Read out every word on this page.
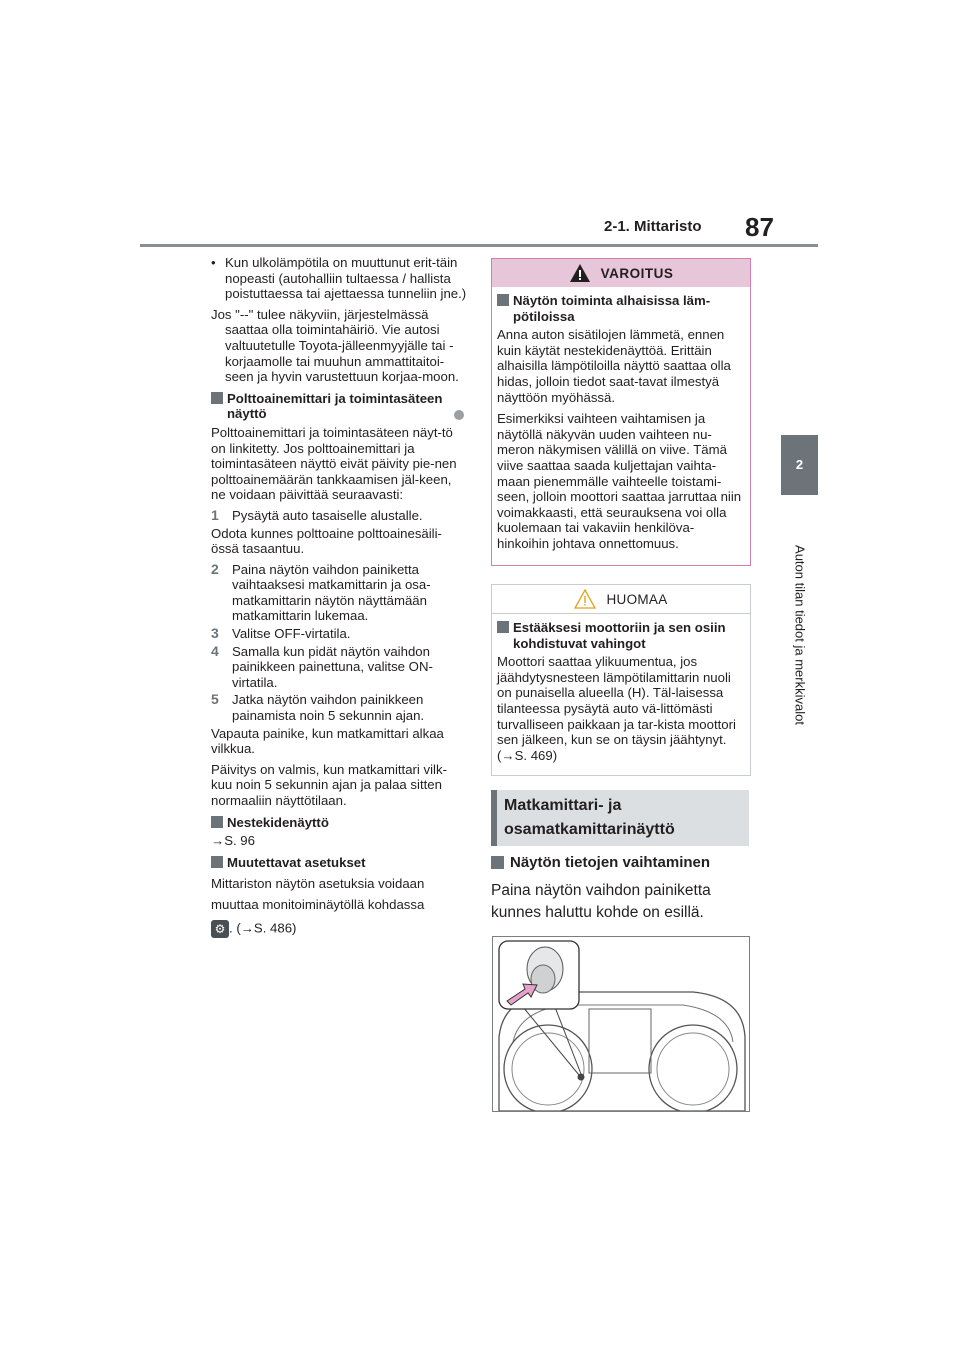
2-1. Mittaristo 87
2
Auton tilan tiedot ja merkkivalot
• Kun ulkolämpötila on muuttunut erit-täin nopeasti (autohalliin tultaessa / hallista poistuttaessa tai ajettaessa tunneliin jne.)

Jos "--" tulee näkyviin, järjestelmässä saattaa olla toimintahäiriö. Vie autosi valtuutetulle Toyota-jälleenmyyjälle tai -korjaamolle tai muuhun ammattitaitoi-seen ja hyvin varustettuun korjaa-moon.

Polttoainemittari ja toimintasäteen näyttö

Polttoainemittari ja toimintasäteen näyt-tö on linkitetty. Jos polttoainemittari ja toimintasäteen näyttö eivät päivity pie-nen polttoainemäärän tankkaamisen jäl-keen, ne voidaan päivittää seuraavasti:

1	Pysäytä auto tasaiselle alustalle.

Odota kunnes polttoaine polttoainesäili-össä tasaantuu.

2	Paina näytön vaihdon painiketta vaihtaaksesi matkamittarin ja osa-matkamittarin näytön näyttämään matkamittarin lukemaa.
3	Valitse OFF-virtatila.
4	Samalla kun pidät näytön vaihdon painikkeen painettuna, valitse ON-virtatila.
5	Jatka näytön vaihdon painikkeen painamista noin 5 sekunnin ajan.

Vapauta painike, kun matkamittari alkaa vilkkua.

Päivitys on valmis, kun matkamittari vilk-kuu noin 5 sekunnin ajan ja palaa sitten normaaliin näyttötilaan.

Nestekidenäyttö

→S. 96

Muutettavat asetukset

Mittariston näytön asetuksia voidaan muuttaa monitoiminäytöllä kohdassa

⚙ . (→S. 486)

VAROITUS
Näytön toiminta alhaisissa läm-pötiloissa

Anna auton sisätilojen lämmetä, ennen kuin käytät nestekidenäyttöä. Erittäin alhaisilla lämpötiloilla näyttö saattaa olla hidas, jolloin tiedot saat-tavat ilmestyä näyttöön myöhässä.

Esimerkiksi vaihteen vaihtamisen ja näytöllä näkyvän uuden vaihteen nu-meron näkymisen välillä on viive. Tämä viive saattaa saada kuljettajan vaihta-maan pienemmälle vaihteelle toistami-seen, jolloin moottori saattaa jarruttaa niin voimakkaasti, että seurauksena voi olla kuolemaan tai vakaviin henkilöva-hinkoihin johtava onnettomuus.

HUOMAA
Estääksesi moottoriin ja sen osiin kohdistuvat vahingot

Moottori saattaa ylikuumentua, jos jäähdytysnesteen lämpötilamittarin nuoli on punaisella alueella (H). Täl-laisessa tilanteessa pysäytä auto vä-littömästi turvalliseen paikkaan ja tar-kista moottori sen jälkeen, kun se on täysin jäähtynyt. (→S. 469)

Matkamittari- ja
osamatkamittarinäyttö
Näytön tietojen vaihtaminen
Paina näytön vaihdon painiketta kunnes haluttu kohde on esillä.
